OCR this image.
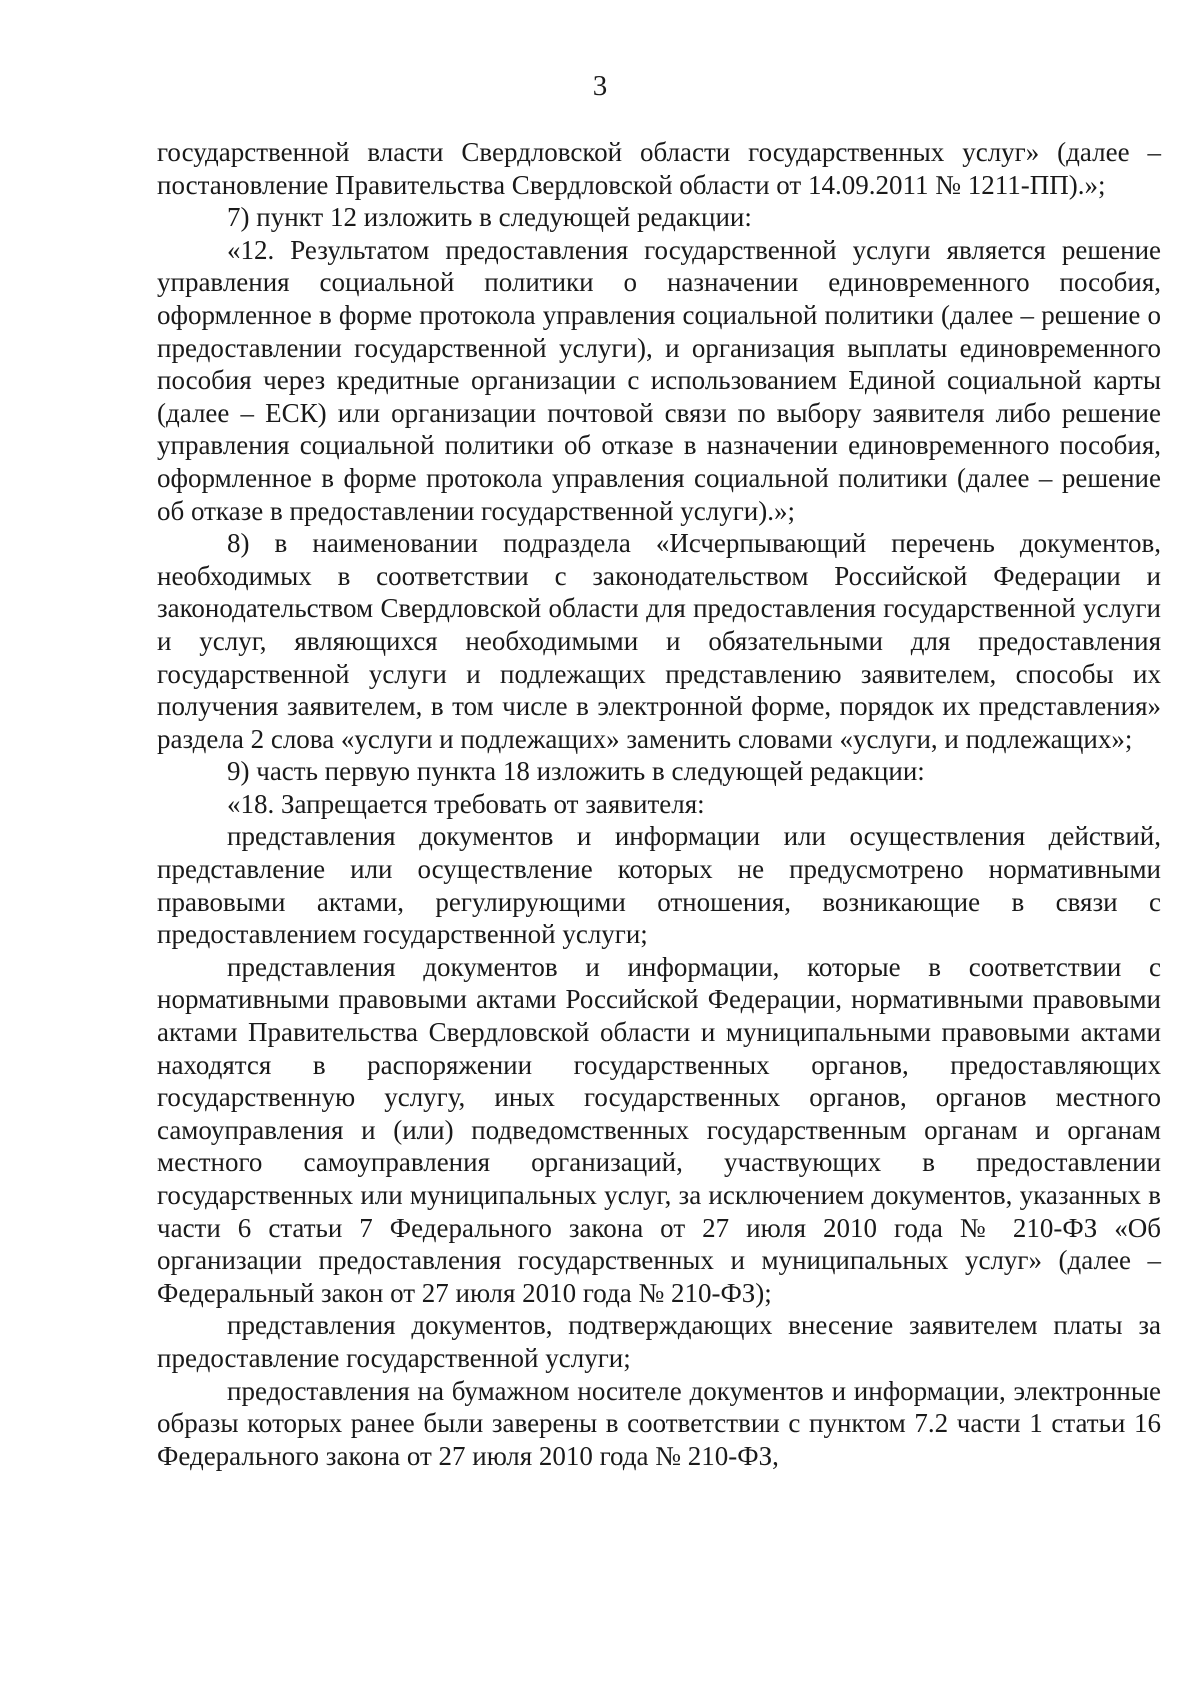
3

государственной власти Свердловской области государственных услуг» (далее – постановление Правительства Свердловской области от 14.09.2011 № 1211-ПП).»;

7) пункт 12 изложить в следующей редакции:

«12. Результатом предоставления государственной услуги является решение управления социальной политики о назначении единовременного пособия, оформленное в форме протокола управления социальной политики (далее – решение о предоставлении государственной услуги), и организация выплаты единовременного пособия через кредитные организации с использованием Единой социальной карты (далее – ЕСК) или организации почтовой связи по выбору заявителя либо решение управления социальной политики об отказе в назначении единовременного пособия, оформленное в форме протокола управления социальной политики (далее – решение об отказе в предоставлении государственной услуги).»;

8) в наименовании подраздела «Исчерпывающий перечень документов, необходимых в соответствии с законодательством Российской Федерации и законодательством Свердловской области для предоставления государственной услуги и услуг, являющихся необходимыми и обязательными для предоставления государственной услуги и подлежащих представлению заявителем, способы их получения заявителем, в том числе в электронной форме, порядок их представления» раздела 2 слова «услуги и подлежащих» заменить словами «услуги, и подлежащих»;

9) часть первую пункта 18 изложить в следующей редакции:

«18. Запрещается требовать от заявителя:

представления документов и информации или осуществления действий, представление или осуществление которых не предусмотрено нормативными правовыми актами, регулирующими отношения, возникающие в связи с предоставлением государственной услуги;

представления документов и информации, которые в соответствии с нормативными правовыми актами Российской Федерации, нормативными правовыми актами Правительства Свердловской области и муниципальными правовыми актами находятся в распоряжении государственных органов, предоставляющих государственную услугу, иных государственных органов, органов местного самоуправления и (или) подведомственных государственным органам и органам местного самоуправления организаций, участвующих в предоставлении государственных или муниципальных услуг, за исключением документов, указанных в части 6 статьи 7 Федерального закона от 27 июля 2010 года № 210-ФЗ «Об организации предоставления государственных и муниципальных услуг» (далее – Федеральный закон от 27 июля 2010 года № 210-ФЗ);

представления документов, подтверждающих внесение заявителем платы за предоставление государственной услуги;

предоставления на бумажном носителе документов и информации, электронные образы которых ранее были заверены в соответствии с пунктом 7.2 части 1 статьи 16 Федерального закона от 27 июля 2010 года № 210-ФЗ,
